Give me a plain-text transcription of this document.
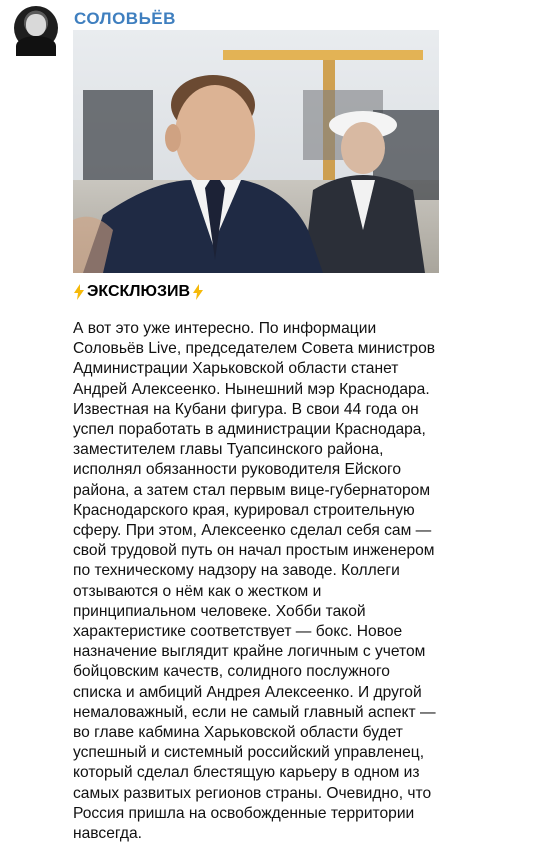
СОЛОВЬЁВ
ЭКСКЛЮЗИВ
А вот это уже интересно. По информации
Соловьёв Live, председателем Совета министров
Администрации Харьковской области станет
Андрей Алексеенко. Нынешний мэр Краснодара.
Известная на Кубани фигура. В свои 44 года он
успел поработать в администрации Краснодара,
заместителем главы Туапсинского района,
исполнял обязанности руководителя Ейского
района, а затем стал первым вице-губернатором
Краснодарского края, курировал строительную
сферу. При этом, Алексеенко сделал себя сам —
свой трудовой путь он начал простым инженером
по техническому надзору на заводе. Коллеги
отзываются о нём как о жестком и
принципиальном человеке. Хобби такой
характеристике соответствует — бокс. Новое
назначение выглядит крайне логичным с учетом
бойцовским качеств, солидного послужного
списка и амбиций Андрея Алексеенко. И другой
немаловажный, если не самый главный аспект —
во главе кабмина Харьковской области будет
успешный и системный российский управленец,
который сделал блестящую карьеру в одном из
самых развитых регионов страны. Очевидно, что
Россия пришла на освобожденные территории
навсегда.
